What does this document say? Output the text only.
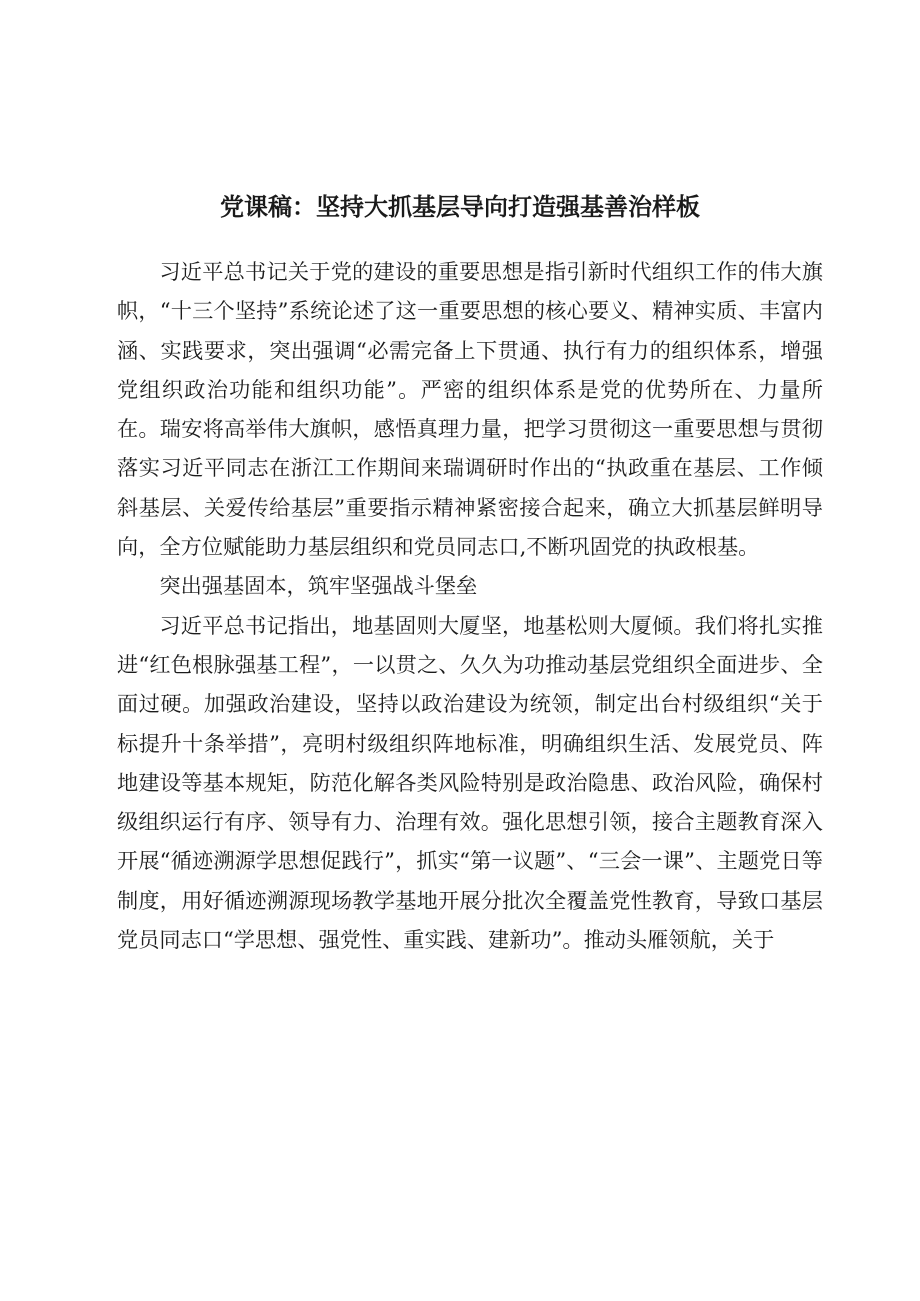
党课稿：坚持大抓基层导向打造强基善治样板

习近平总书记关于党的建设的重要思想是指引新时代组织工作的伟大旗帜，“十三个坚持”系统论述了这一重要思想的核心要义、精神实质、丰富内涵、实践要求，突出强调“必需完备上下贯通、执行有力的组织体系，增强党组织政治功能和组织功能”。严密的组织体系是党的优势所在、力量所在。瑞安将高举伟大旗帜，感悟真理力量，把学习贯彻这一重要思想与贯彻落实习近平同志在浙江工作期间来瑞调研时作出的“执政重在基层、工作倾斜基层、关爱传给基层”重要指示精神紧密接合起来，确立大抓基层鲜明导向，全方位赋能助力基层组织和党员同志口,不断巩固党的执政根基。

突出强基固本，筑牢坚强战斗堡垒

习近平总书记指出，地基固则大厦坚，地基松则大厦倾。我们将扎实推进“红色根脉强基工程”，一以贯之、久久为功推动基层党组织全面进步、全面过硬。加强政治建设，坚持以政治建设为统领，制定出台村级组织“关于标提升十条举措”，亮明村级组织阵地标准，明确组织生活、发展党员、阵地建设等基本规矩，防范化解各类风险特别是政治隐患、政治风险，确保村级组织运行有序、领导有力、治理有效。强化思想引领，接合主题教育深入开展“循迹溯源学思想促践行”，抓实“第一议题”、“三会一课”、主题党日等制度，用好循迹溯源现场教学基地开展分批次全覆盖党性教育，导致口基层党员同志口“学思想、强党性、重实践、建新功”。推动头雁领航，关于
